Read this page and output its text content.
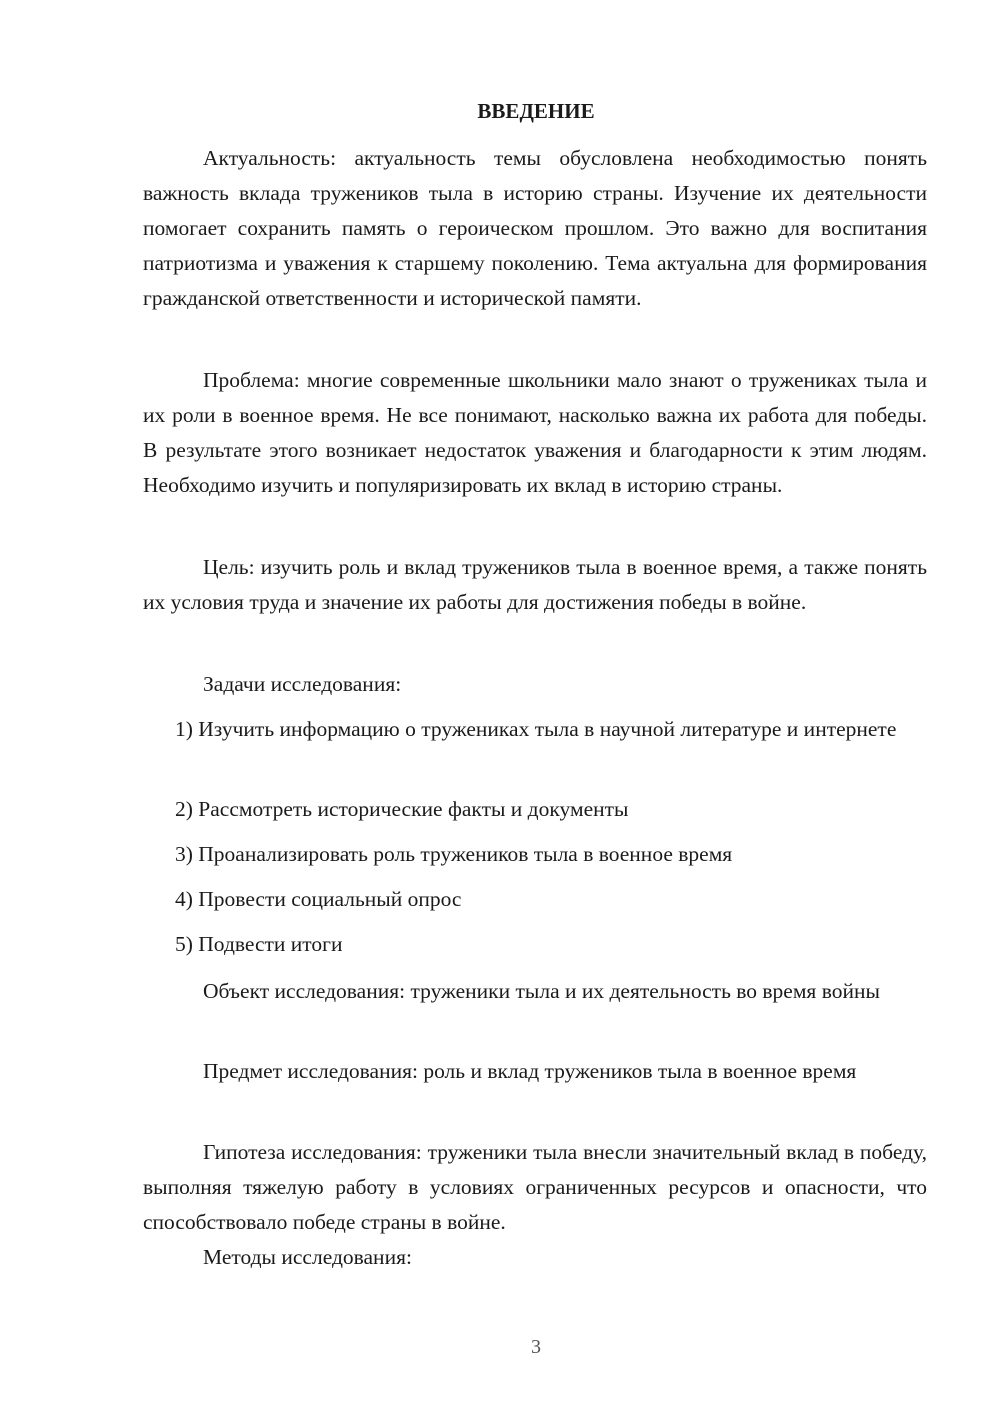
ВВЕДЕНИЕ

Актуальность: актуальность темы обусловлена необходимостью понять важность вклада тружеников тыла в историю страны. Изучение их деятельности помогает сохранить память о героическом прошлом. Это важно для воспитания патриотизма и уважения к старшему поколению. Тема актуальна для формирования гражданской ответственности и исторической памяти.

Проблема: многие современные школьники мало знают о тружениках тыла и их роли в военное время. Не все понимают, насколько важна их работа для победы. В результате этого возникает недостаток уважения и благодарности к этим людям. Необходимо изучить и популяризировать их вклад в историю страны.

Цель: изучить роль и вклад тружеников тыла в военное время, а также понять их условия труда и значение их работы для достижения победы в войне.

Задачи исследования:

1) Изучить информацию о тружениках тыла в научной литературе и интернете

2) Рассмотреть исторические факты и документы

3) Проанализировать роль тружеников тыла в военное время

4) Провести социальный опрос

5) Подвести итоги

Объект исследования: труженики тыла и их деятельность во время войны

Предмет исследования: роль и вклад тружеников тыла в военное время

Гипотеза исследования: труженики тыла внесли значительный вклад в победу, выполняя тяжелую работу в условиях ограниченных ресурсов и опасности, что способствовало победе страны в войне.

Методы исследования:

3
